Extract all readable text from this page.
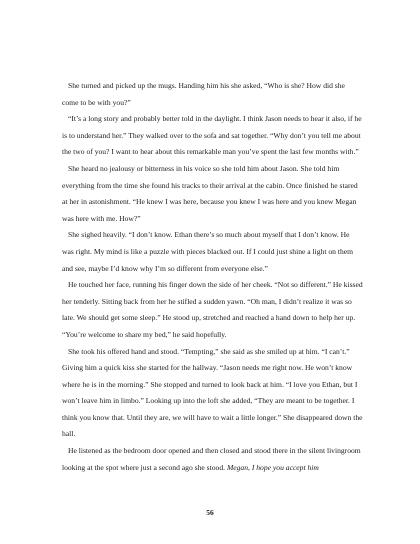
She turned and picked up the mugs. Handing him his she asked, “Who is she? How did she come to be with you?”

“It’s a long story and probably better told in the daylight. I think Jason needs to hear it also, if he is to understand her.” They walked over to the sofa and sat together. “Why don’t you tell me about the two of you? I want to hear about this remarkable man you’ve spent the last few months with.”

She heard no jealousy or bitterness in his voice so she told him about Jason. She told him everything from the time she found his tracks to their arrival at the cabin. Once finished he stared at her in astonishment. “He knew I was here, because you knew I was here and you knew Megan was here with me. How?”

She sighed heavily. “I don’t know. Ethan there’s so much about myself that I don’t know. He was right. My mind is like a puzzle with pieces blacked out. If I could just shine a light on them and see, maybe I’d know why I’m so different from everyone else.”

He touched her face, running his finger down the side of her cheek. “Not so different.” He kissed her tenderly. Sitting back from her he stifled a sudden yawn. “Oh man, I didn’t realize it was so late. We should get some sleep.” He stood up, stretched and reached a hand down to help her up. “You’re welcome to share my bed,” he said hopefully.

She took his offered hand and stood. “Tempting,” she said as she smiled up at him. “I can’t.” Giving him a quick kiss she started for the hallway. “Jason needs me right now. He won’t know where he is in the morning.” She stopped and turned to look back at him. “I love you Ethan, but I won’t leave him in limbo.” Looking up into the loft she added, “They are meant to be together. I think you know that. Until they are, we will have to wait a little longer.” She disappeared down the hall.

He listened as the bedroom door opened and then closed and stood there in the silent livingroom looking at the spot where just a second ago she stood. Megan, I hope you accept him

56
